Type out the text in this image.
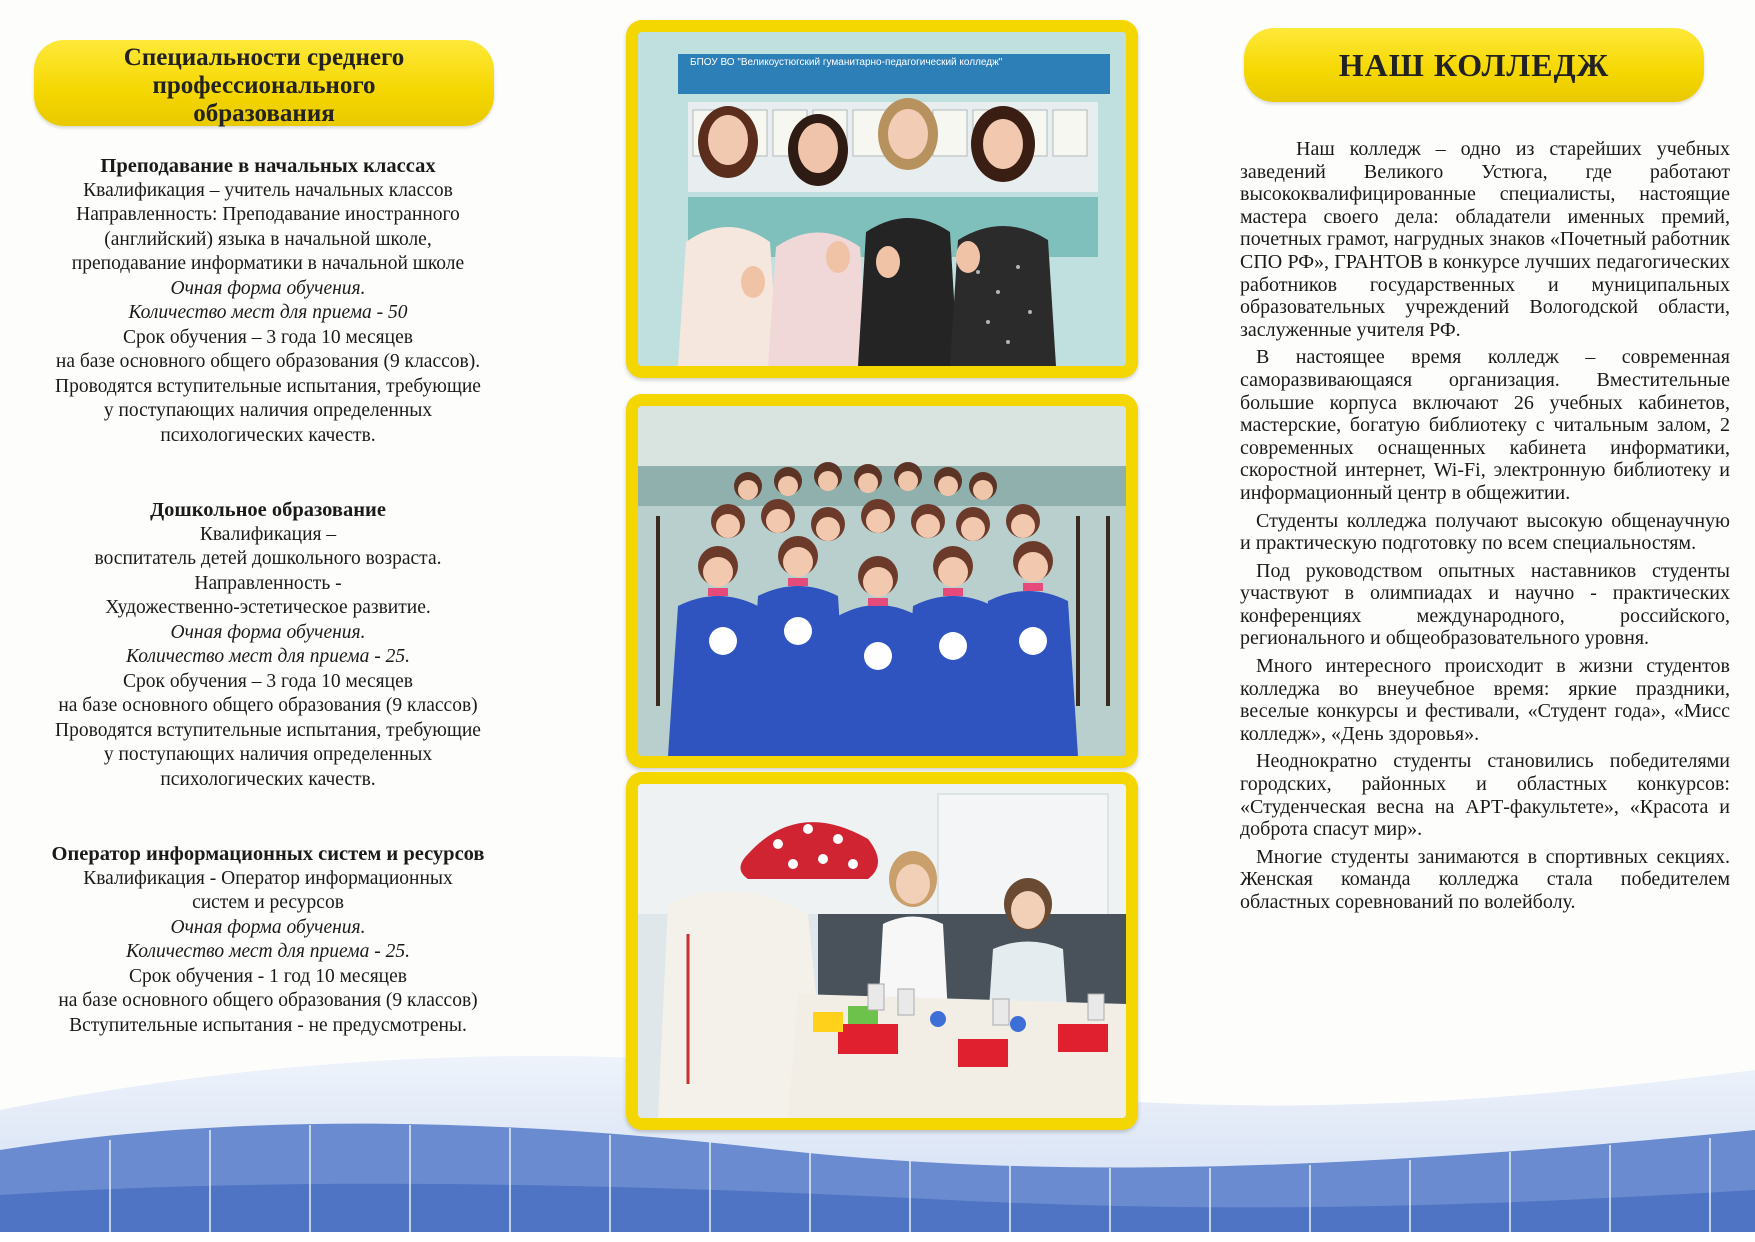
Специальности среднего
профессионального
образования
Преподавание в начальных классах
Квалификация – учитель начальных классов
Направленность: Преподавание иностранного
(английский) языка в начальной школе,
преподавание информатики в начальной школе
Очная форма обучения.
Количество мест для приема - 50
Срок обучения – 3 года 10 месяцев
на базе основного общего образования (9 классов).
Проводятся вступительные испытания, требующие
у поступающих наличия определенных
психологических качеств.
Дошкольное образование
Квалификация –
воспитатель детей дошкольного возраста.
Направленность -
Художественно-эстетическое развитие.
Очная форма обучения.
Количество мест для приема - 25.
Срок обучения – 3 года 10 месяцев
на базе основного общего образования (9 классов)
Проводятся вступительные испытания, требующие
у поступающих наличия определенных
психологических качеств.
Оператор информационных систем и ресурсов
Квалификация - Оператор информационных
систем и ресурсов
Очная форма обучения.
Количество мест для приема - 25.
Срок обучения - 1 год 10 месяцев
на базе основного общего образования (9 классов)
Вступительные испытания - не предусмотрены.
БПОУ ВО "Великоустюгский гуманитарно-педагогический колледж"	НАШ КОЛЛЕДЖ

Наш колледж – одно из старейших учебных заведений Великого Устюга, где работают высококвалифицированные специалисты, настоящие мастера своего дела: обладатели именных премий, почетных грамот, нагрудных знаков «Почетный работник СПО РФ», ГРАНТОВ в конкурсе лучших педагогических работников государственных и муниципальных образовательных учреждений Вологодской области, заслуженные учителя РФ.

В настоящее время колледж – современная саморазвивающаяся организация. Вместительные большие корпуса включают 26 учебных кабинетов, мастерские, богатую библиотеку с читальным залом, 2 современных оснащенных кабинета информатики, скоростной интернет, Wi-Fi, электронную библиотеку и информационный центр в общежитии.

Студенты колледжа получают высокую общенаучную и практическую подготовку по всем специальностям.

Под руководством опытных наставников студенты участвуют в олимпиадах и научно - практических конференциях международного, российского, регионального и общеобразовательного уровня.

Много интересного происходит в жизни студентов колледжа во внеучебное время: яркие праздники, веселые конкурсы и фестивали, «Студент года», «Мисс колледж», «День здоровья».

Неоднократно студенты становились победителями городских, районных и областных конкурсов: «Студенческая весна на АРТ-факультете», «Красота и доброта спасут мир».

Многие студенты занимаются в спортивных секциях. Женская команда колледжа стала победителем областных соревнований по волейболу.
